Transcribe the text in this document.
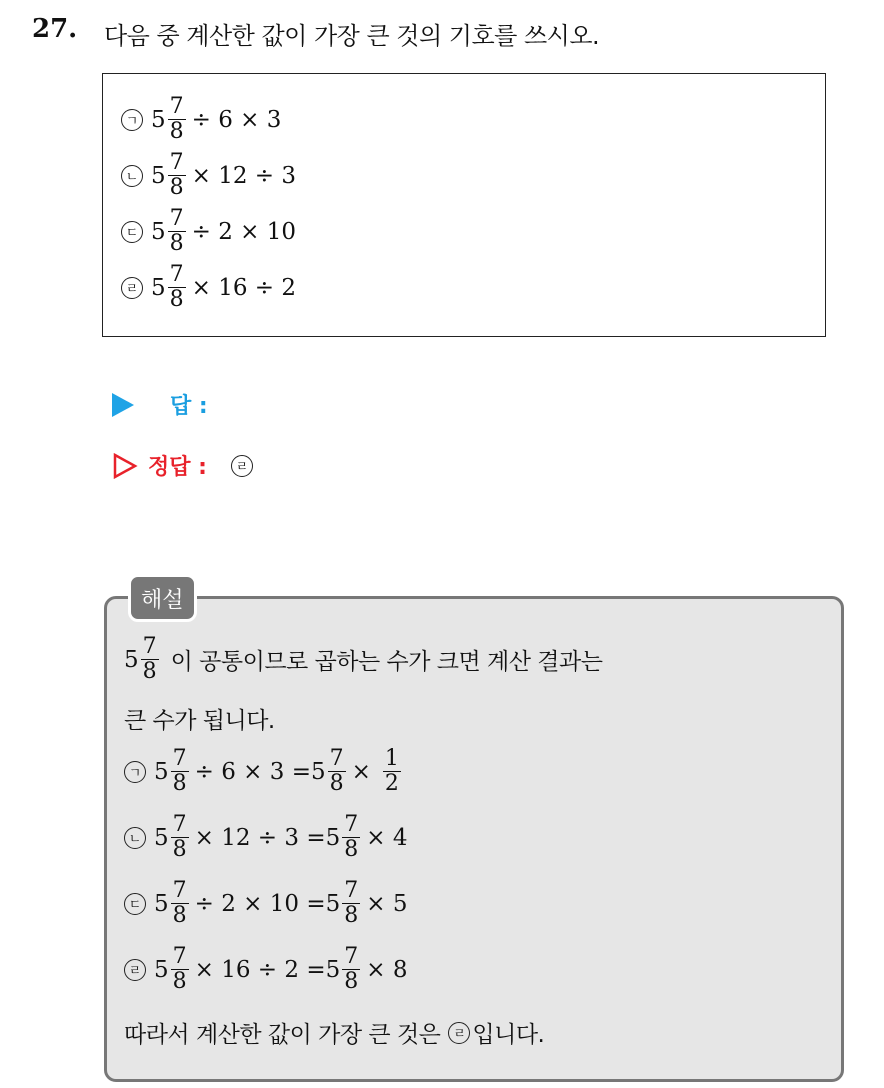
27. 다음 중 계산한 값이 가장 큰 것의 기호를 쓰시오.
ㄱ $5 \frac{7}{8} \div 6 \times 3$
ㄴ $5 \frac{7}{8} \times 12 \div 3$
ㄷ $5 \frac{7}{8} \div 2 \times 10$
ㄹ $5 \frac{7}{8} \times 16 \div 2$
답 :
정답 :	ㄹ
해설
$5 \frac{7}{8}$ 이 공통이므로 곱하는 수가 크면 계산 결과는
큰 수가 됩니다.
ㄱ $5 \frac{7}{8} \div 6 \times 3 =5 \frac{7}{8} \times \frac{1}{2}$
ㄴ $5 \frac{7}{8} \times 12 \div 3 =5 \frac{7}{8} \times 4$
ㄷ $5 \frac{7}{8} \div 2 \times 10 =5 \frac{7}{8} \times 5$
ㄹ $5 \frac{7}{8} \times 16 \div 2 =5 \frac{7}{8} \times 8$
따라서 계산한 값이 가장 큰 것은 ㄹ 입니다.
